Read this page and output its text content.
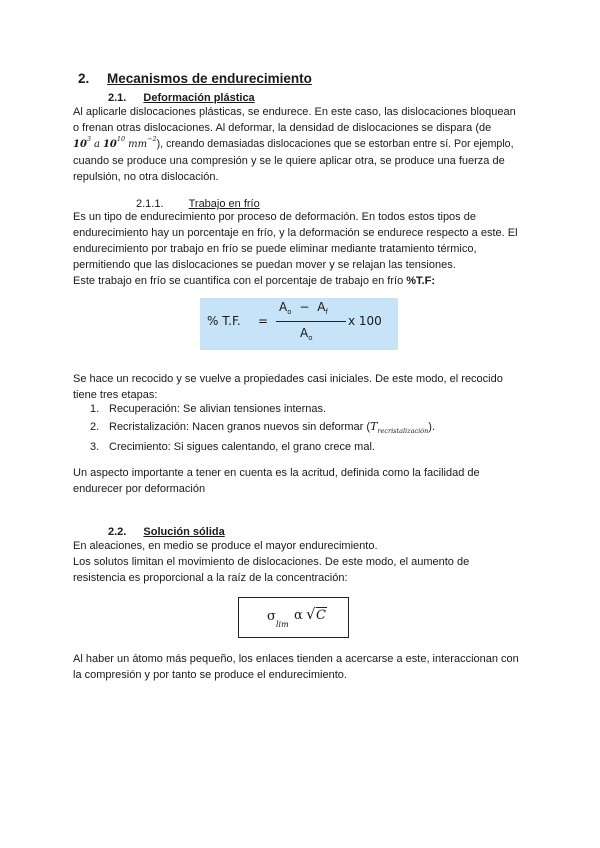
2. Mecanismos de endurecimiento
2.1. Deformación plástica
Al aplicarle dislocaciones plásticas, se endurece. En este caso, las dislocaciones bloquean
o frenan otras dislocaciones. Al deformar, la densidad de dislocaciones se dispara (de
$10^3$ a $10^{10}$ $mm^{-2}$), creando demasiadas dislocaciones que se estorban entre sí. Por ejemplo,
cuando se produce una compresión y se le quiere aplicar otra, se produce una fuerza de
repulsión, no otra dislocación.
2.1.1. Trabajo en frío
Es un tipo de endurecimiento por proceso de deformación. En todos estos tipos de
endurecimiento hay un porcentaje en frío, y la deformación se endurece respecto a este. El
endurecimiento por trabajo en frío se puede eliminar mediante tratamiento térmico,
permitiendo que las dislocaciones se puedan mover y se relajan las tensiones.
Este trabajo en frío se cuantifica con el porcentaje de trabajo en frío %T.F:
% T.F. =
$A_o - A_f$
$A_o$
x 100
Se hace un recocido y se vuelve a propiedades casi iniciales. De este modo, el recocido
tiene tres etapas:
1. Recuperación: Se alivian tensiones internas.
2. Recristalización: Nacen granos nuevos sin deformar $(T_{recristalización})$.
3. Crecimiento: Si sigues calentando, el grano crece mal.
Un aspecto importante a tener en cuenta es la acritud, definida como la facilidad de
endurecer por deformación
2.2. Solución sólida
En aleaciones, en medio se produce el mayor endurecimiento.
Los solutos limitan el movimiento de dislocaciones. De este modo, el aumento de
resistencia es proporcional a la raíz de la concentración:
σ
lim
α √ C
Al haber un átomo más pequeño, los enlaces tienden a acercarse a este, interaccionan con
la compresión y por tanto se produce el endurecimiento.
